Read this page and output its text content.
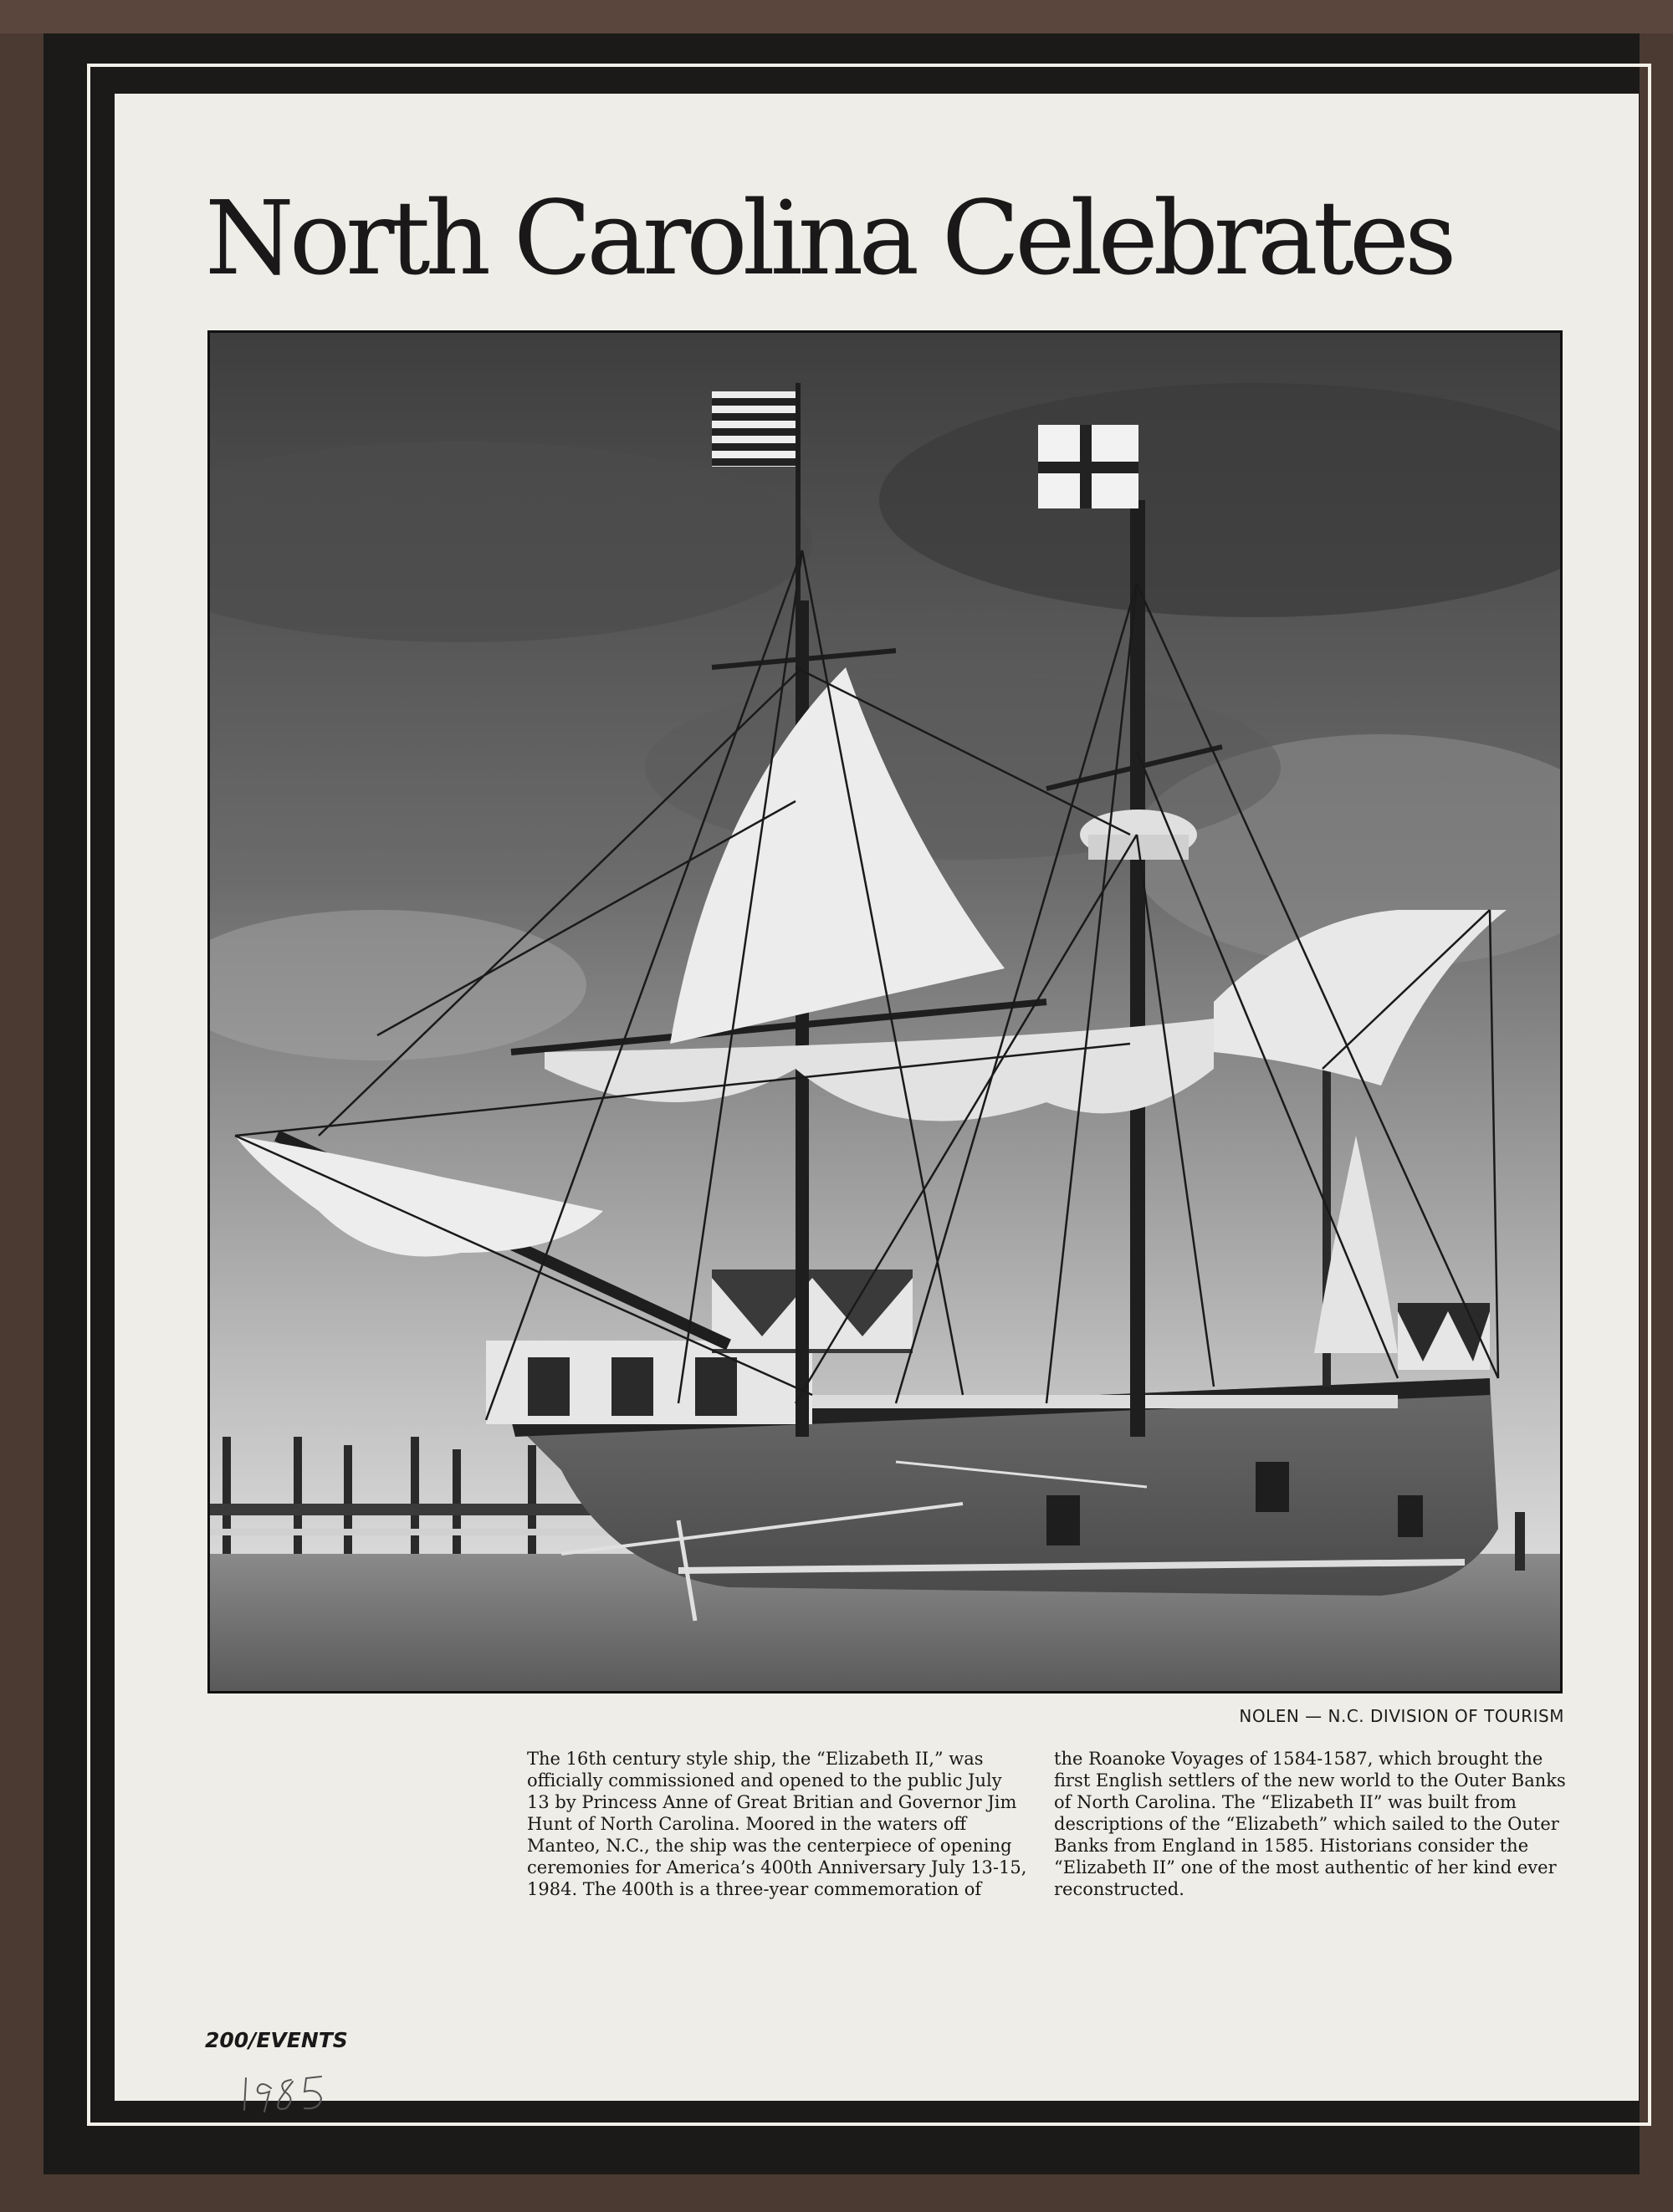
North Carolina Celebrates
NOLEN — N.C. DIVISION OF TOURISM

The 16th century style ship, the “Elizabeth II,” was officially commissioned and opened to the public July 13 by Princess Anne of Great Britian and Governor Jim Hunt of North Carolina. Moored in the waters off Manteo, N.C., the ship was the centerpiece of opening ceremonies for America’s 400th Anniversary July 13-15, 1984. The 400th is a three-year commemoration of

the Roanoke Voyages of 1584-1587, which brought the first English settlers of the new world to the Outer Banks of North Carolina. The “Elizabeth II” was built from descriptions of the “Elizabeth” which sailed to the Outer Banks from England in 1585. Historians consider the “Elizabeth II” one of the most authentic of her kind ever reconstructed.

200/EVENTS
